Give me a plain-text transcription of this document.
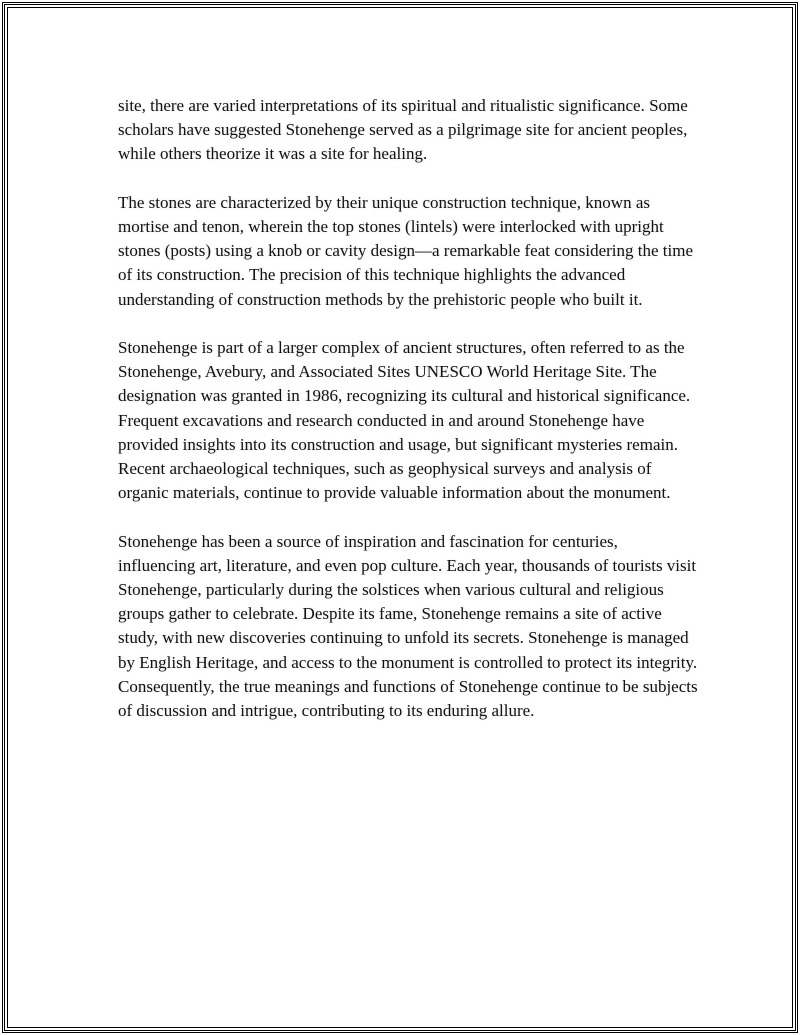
site, there are varied interpretations of its spiritual and ritualistic significance. Some scholars have suggested Stonehenge served as a pilgrimage site for ancient peoples, while others theorize it was a site for healing.

The stones are characterized by their unique construction technique, known as mortise and tenon, wherein the top stones (lintels) were interlocked with upright stones (posts) using a knob or cavity design—a remarkable feat considering the time of its construction. The precision of this technique highlights the advanced understanding of construction methods by the prehistoric people who built it.

Stonehenge is part of a larger complex of ancient structures, often referred to as the Stonehenge, Avebury, and Associated Sites UNESCO World Heritage Site. The designation was granted in 1986, recognizing its cultural and historical significance. Frequent excavations and research conducted in and around Stonehenge have provided insights into its construction and usage, but significant mysteries remain. Recent archaeological techniques, such as geophysical surveys and analysis of organic materials, continue to provide valuable information about the monument.

Stonehenge has been a source of inspiration and fascination for centuries, influencing art, literature, and even pop culture. Each year, thousands of tourists visit Stonehenge, particularly during the solstices when various cultural and religious groups gather to celebrate. Despite its fame, Stonehenge remains a site of active study, with new discoveries continuing to unfold its secrets. Stonehenge is managed by English Heritage, and access to the monument is controlled to protect its integrity. Consequently, the true meanings and functions of Stonehenge continue to be subjects of discussion and intrigue, contributing to its enduring allure.
